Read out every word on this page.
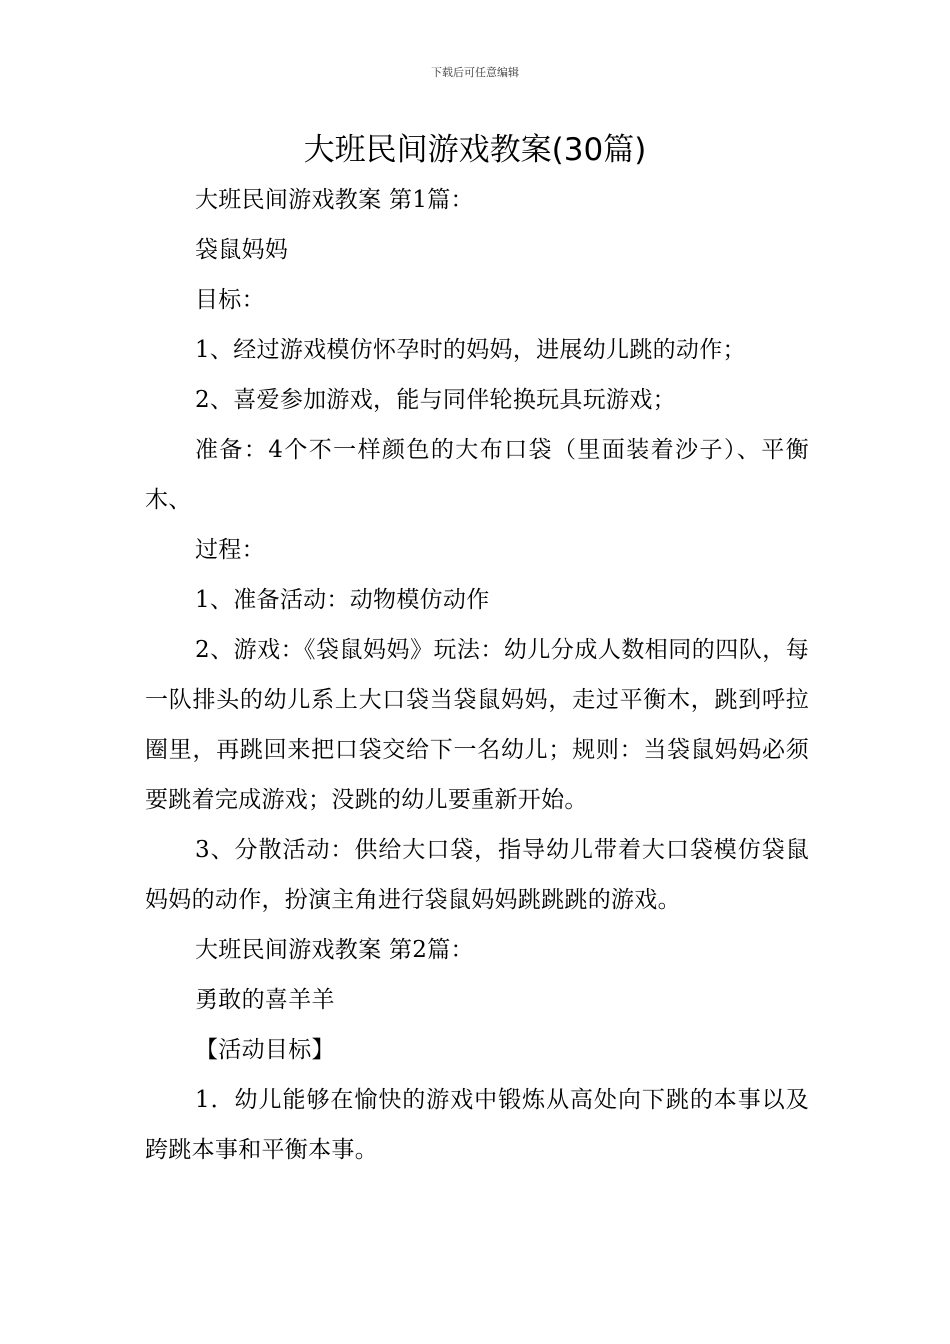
下载后可任意编辑
大班民间游戏教案(30篇)

大班民间游戏教案 第1篇：

袋鼠妈妈

目标：

1、经过游戏模仿怀孕时的妈妈，进展幼儿跳的动作；

2、喜爱参加游戏，能与同伴轮换玩具玩游戏；

准备：4个不一样颜色的大布口袋（里面装着沙子）、平衡木、

过程：

1、准备活动：动物模仿动作

2、游戏：《袋鼠妈妈》玩法：幼儿分成人数相同的四队，每一队排头的幼儿系上大口袋当袋鼠妈妈，走过平衡木，跳到呼拉圈里，再跳回来把口袋交给下一名幼儿；规则：当袋鼠妈妈必须要跳着完成游戏；没跳的幼儿要重新开始。

3、分散活动：供给大口袋，指导幼儿带着大口袋模仿袋鼠妈妈的动作，扮演主角进行袋鼠妈妈跳跳跳的游戏。

大班民间游戏教案 第2篇：

勇敢的喜羊羊

【活动目标】

1．幼儿能够在愉快的游戏中锻炼从高处向下跳的本事以及跨跳本事和平衡本事。
